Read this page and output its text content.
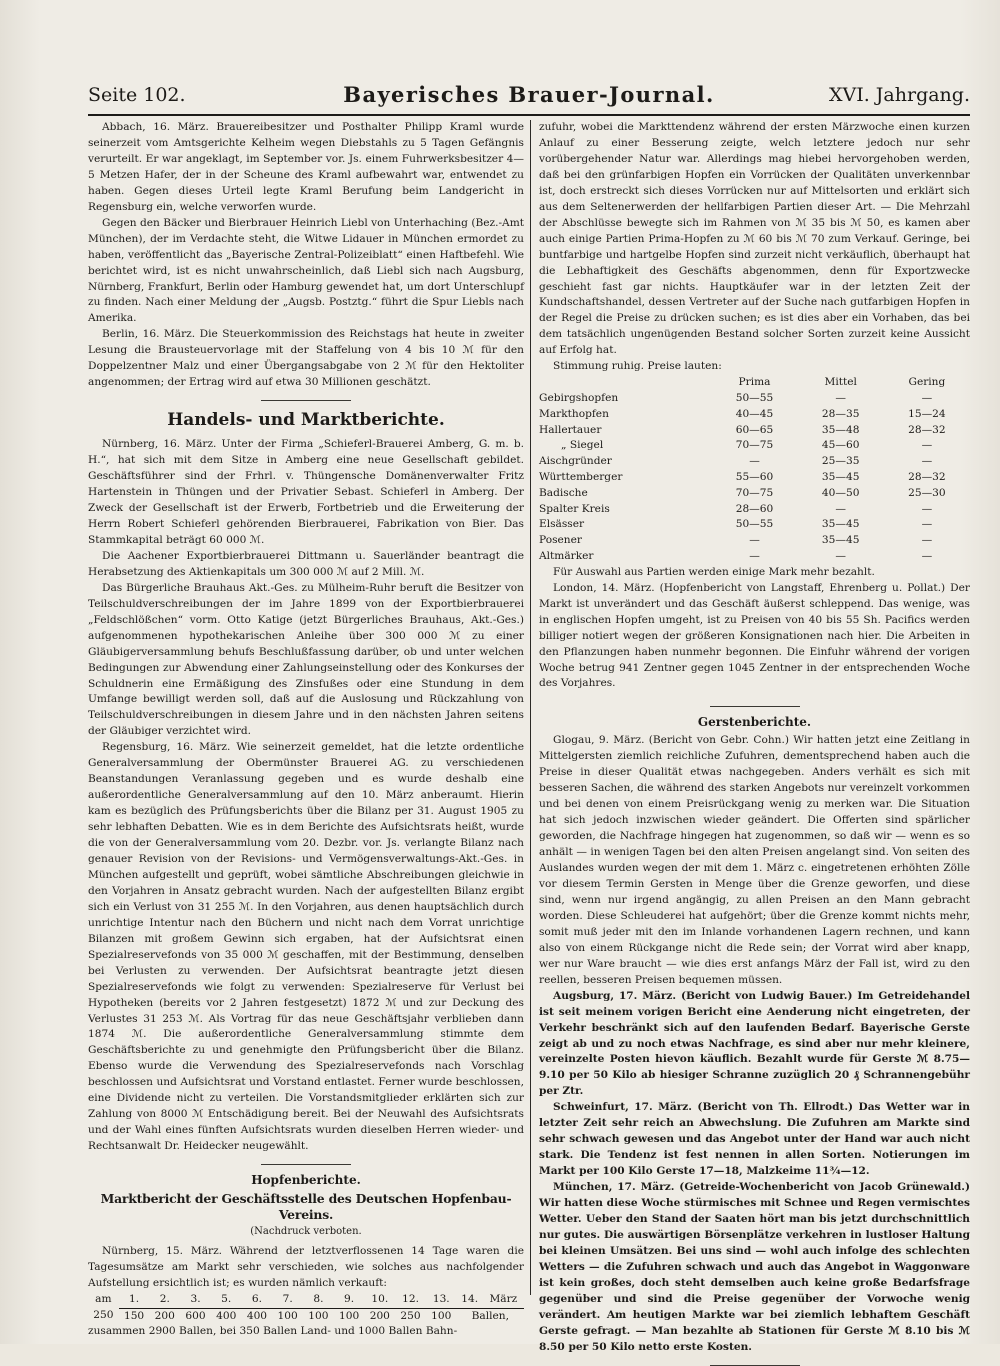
Seite 102.	Bayerisches Brauer-Journal.	XVI. Jahrgang.

Abbach, 16. März. Brauereibesitzer und Posthalter Philipp Kraml wurde seinerzeit vom Amtsgerichte Kelheim wegen Diebstahls zu 5 Tagen Gefängnis verurteilt. Er war angeklagt, im September vor. Js. einem Fuhrwerksbesitzer 4—5 Metzen Hafer, der in der Scheune des Kraml aufbewahrt war, entwendet zu haben. Gegen dieses Urteil legte Kraml Berufung beim Landgericht in Regensburg ein, welche verworfen wurde.

Gegen den Bäcker und Bierbrauer Heinrich Liebl von Unterhaching (Bez.-Amt München), der im Verdachte steht, die Witwe Lidauer in München ermordet zu haben, veröffentlicht das „Bayerische Zentral-Polizeiblatt“ einen Haftbefehl. Wie berichtet wird, ist es nicht unwahrscheinlich, daß Liebl sich nach Augsburg, Nürnberg, Frankfurt, Berlin oder Hamburg gewendet hat, um dort Unterschlupf zu finden. Nach einer Meldung der „Augsb. Postztg.“ führt die Spur Liebls nach Amerika.

Berlin, 16. März. Die Steuerkommission des Reichstags hat heute in zweiter Lesung die Brausteuervorlage mit der Staffelung von 4 bis 10 ℳ für den Doppelzentner Malz und einer Übergangsabgabe von 2 ℳ für den Hektoliter angenommen; der Ertrag wird auf etwa 30 Millionen geschätzt.

Handels- und Marktberichte.

Nürnberg, 16. März. Unter der Firma „Schieferl-Brauerei Amberg, G. m. b. H.“, hat sich mit dem Sitze in Amberg eine neue Gesellschaft gebildet. Geschäftsführer sind der Frhrl. v. Thüngensche Domänenverwalter Fritz Hartenstein in Thüngen und der Privatier Sebast. Schieferl in Amberg. Der Zweck der Gesellschaft ist der Erwerb, Fortbetrieb und die Erweiterung der Herrn Robert Schieferl gehörenden Bierbrauerei, Fabrikation von Bier. Das Stammkapital beträgt 60 000 ℳ.

Die Aachener Exportbierbrauerei Dittmann u. Sauerländer beantragt die Herabsetzung des Aktienkapitals um 300 000 ℳ auf 2 Mill. ℳ.

Das Bürgerliche Brauhaus Akt.-Ges. zu Mülheim-Ruhr beruft die Besitzer von Teilschuldverschreibungen der im Jahre 1899 von der Exportbierbrauerei „Feldschlößchen“ vorm. Otto Katige (jetzt Bürgerliches Brauhaus, Akt.-Ges.) aufgenommenen hypothekarischen Anleihe über 300 000 ℳ zu einer Gläubigerversammlung behufs Beschlußfassung darüber, ob und unter welchen Bedingungen zur Abwendung einer Zahlungseinstellung oder des Konkurses der Schuldnerin eine Ermäßigung des Zinsfußes oder eine Stundung in dem Umfange bewilligt werden soll, daß auf die Auslosung und Rückzahlung von Teilschuldverschreibungen in diesem Jahre und in den nächsten Jahren seitens der Gläubiger verzichtet wird.

Regensburg, 16. März. Wie seinerzeit gemeldet, hat die letzte ordentliche Generalversammlung der Obermünster Brauerei AG. zu verschiedenen Beanstandungen Veranlassung gegeben und es wurde deshalb eine außerordentliche Generalversammlung auf den 10. März anberaumt. Hierin kam es bezüglich des Prüfungsberichts über die Bilanz per 31. August 1905 zu sehr lebhaften Debatten. Wie es in dem Berichte des Aufsichtsrats heißt, wurde die von der Generalversammlung vom 20. Dezbr. vor. Js. verlangte Bilanz nach genauer Revision von der Revisions- und Vermögensverwaltungs-Akt.-Ges. in München aufgestellt und geprüft, wobei sämtliche Abschreibungen gleichwie in den Vorjahren in Ansatz gebracht wurden. Nach der aufgestellten Bilanz ergibt sich ein Verlust von 31 255 ℳ. In den Vorjahren, aus denen hauptsächlich durch unrichtige Intentur nach den Büchern und nicht nach dem Vorrat unrichtige Bilanzen mit großem Gewinn sich ergaben, hat der Aufsichtsrat einen Spezialreservefonds von 35 000 ℳ geschaffen, mit der Bestimmung, denselben bei Verlusten zu verwenden. Der Aufsichtsrat beantragte jetzt diesen Spezialreservefonds wie folgt zu verwenden: Spezialreserve für Verlust bei Hypotheken (bereits vor 2 Jahren festgesetzt) 1872 ℳ und zur Deckung des Verlustes 31 253 ℳ. Als Vortrag für das neue Geschäftsjahr verblieben dann 1874 ℳ. Die außerordentliche Generalversammlung stimmte dem Geschäftsberichte zu und genehmigte den Prüfungsbericht über die Bilanz. Ebenso wurde die Verwendung des Spezialreservefonds nach Vorschlag beschlossen und Aufsichtsrat und Vorstand entlastet. Ferner wurde beschlossen, eine Dividende nicht zu verteilen. Die Vorstandsmitglieder erklärten sich zur Zahlung von 8000 ℳ Entschädigung bereit. Bei der Neuwahl des Aufsichtsrats und der Wahl eines fünften Aufsichtsrats wurden dieselben Herren wieder- und Rechtsanwalt Dr. Heidecker neugewählt.

Hopfenberichte.
Marktbericht der Geschäftsstelle des Deutschen Hopfenbau-Vereins.
(Nachdruck verboten.

Nürnberg, 15. März. Während der letztverflossenen 14 Tage waren die Tagesumsätze am Markt sehr verschieden, wie solches aus nachfolgender Aufstellung ersichtlich ist; es wurden nämlich verkauft:

am	1.	2.	3.	5.	6.	7.	8.	9.	10.	12.	13.	14.	März
250	150	200	600	400	400	100	100	100	200	250	100	Ballen,	

zusammen 2900 Ballen, bei 350 Ballen Land- und 1000 Ballen Bahn-

zufuhr, wobei die Markttendenz während der ersten Märzwoche einen kurzen Anlauf zu einer Besserung zeigte, welch letztere jedoch nur sehr vorübergehender Natur war. Allerdings mag hiebei hervorgehoben werden, daß bei den grünfarbigen Hopfen ein Vorrücken der Qualitäten unverkennbar ist, doch erstreckt sich dieses Vorrücken nur auf Mittelsorten und erklärt sich aus dem Seltenerwerden der hellfarbigen Partien dieser Art. — Die Mehrzahl der Abschlüsse bewegte sich im Rahmen von ℳ 35 bis ℳ 50, es kamen aber auch einige Partien Prima-Hopfen zu ℳ 60 bis ℳ 70 zum Verkauf. Geringe, bei buntfarbige und hartgelbe Hopfen sind zurzeit nicht verkäuflich, überhaupt hat die Lebhaftigkeit des Geschäfts abgenommen, denn für Exportzwecke geschieht fast gar nichts. Hauptkäufer war in der letzten Zeit der Kundschaftshandel, dessen Vertreter auf der Suche nach gutfarbigen Hopfen in der Regel die Preise zu drücken suchen; es ist dies aber ein Vorhaben, das bei dem tatsächlich ungenügenden Bestand solcher Sorten zurzeit keine Aussicht auf Erfolg hat.

Stimmung ruhig. Preise lauten:

	Prima	Mittel	Gering
Gebirgshopfen	50—55	—	—
Markthopfen	40—45	28—35	15—24
Hallertauer	60—65	35—48	28—32
„ Siegel	70—75	45—60	—
Aischgründer	—	25—35	—
Württemberger	55—60	35—45	28—32
Badische	70—75	40—50	25—30
Spalter Kreis	28—60	—	—
Elsässer	50—55	35—45	—
Posener	—	35—45	—
Altmärker	—	—	—

Für Auswahl aus Partien werden einige Mark mehr bezahlt.

London, 14. März. (Hopfenbericht von Langstaff, Ehrenberg u. Pollat.) Der Markt ist unverändert und das Geschäft äußerst schleppend. Das wenige, was in englischen Hopfen umgeht, ist zu Preisen von 40 bis 55 Sh. Pacifics werden billiger notiert wegen der größeren Konsignationen nach hier. Die Arbeiten in den Pflanzungen haben nunmehr begonnen. Die Einfuhr während der vorigen Woche betrug 941 Zentner gegen 1045 Zentner in der entsprechenden Woche des Vorjahres.

Gerstenberichte.

Glogau, 9. März. (Bericht von Gebr. Cohn.) Wir hatten jetzt eine Zeitlang in Mittelgersten ziemlich reichliche Zufuhren, dementsprechend haben auch die Preise in dieser Qualität etwas nachgegeben. Anders verhält es sich mit besseren Sachen, die während des starken Angebots nur vereinzelt vorkommen und bei denen von einem Preisrückgang wenig zu merken war. Die Situation hat sich jedoch inzwischen wieder geändert. Die Offerten sind spärlicher geworden, die Nachfrage hingegen hat zugenommen, so daß wir — wenn es so anhält — in wenigen Tagen bei den alten Preisen angelangt sind. Von seiten des Auslandes wurden wegen der mit dem 1. März c. eingetretenen erhöhten Zölle vor diesem Termin Gersten in Menge über die Grenze geworfen, und diese sind, wenn nur irgend angängig, zu allen Preisen an den Mann gebracht worden. Diese Schleuderei hat aufgehört; über die Grenze kommt nichts mehr, somit muß jeder mit den im Inlande vorhandenen Lagern rechnen, und kann also von einem Rückgange nicht die Rede sein; der Vorrat wird aber knapp, wer nur Ware braucht — wie dies erst anfangs März der Fall ist, wird zu den reellen, besseren Preisen bequemen müssen.

Augsburg, 17. März. (Bericht von Ludwig Bauer.) Im Getreidehandel ist seit meinem vorigen Bericht eine Aenderung nicht eingetreten, der Verkehr beschränkt sich auf den laufenden Bedarf. Bayerische Gerste zeigt ab und zu noch etwas Nachfrage, es sind aber nur mehr kleinere, vereinzelte Posten hievon käuflich. Bezahlt wurde für Gerste ℳ 8.75—9.10 per 50 Kilo ab hiesiger Schranne zuzüglich 20 ₰ Schrannengebühr per Ztr.

Schweinfurt, 17. März. (Bericht von Th. Ellrodt.) Das Wetter war in letzter Zeit sehr reich an Abwechslung. Die Zufuhren am Markte sind sehr schwach gewesen und das Angebot unter der Hand war auch nicht stark. Die Tendenz ist fest nennen in allen Sorten. Notierungen im Markt per 100 Kilo Gerste 17—18, Malzkeime 11¾—12.

München, 17. März. (Getreide-Wochenbericht von Jacob Grünewald.) Wir hatten diese Woche stürmisches mit Schnee und Regen vermischtes Wetter. Ueber den Stand der Saaten hört man bis jetzt durchschnittlich nur gutes. Die auswärtigen Börsenplätze verkehren in lustloser Haltung bei kleinen Umsätzen. Bei uns sind — wohl auch infolge des schlechten Wetters — die Zufuhren schwach und auch das Angebot in Waggonware ist kein großes, doch steht demselben auch keine große Bedarfsfrage gegenüber und sind die Preise gegenüber der Vorwoche wenig verändert. Am heutigen Markte war bei ziemlich lebhaftem Geschäft Gerste gefragt. — Man bezahlte ab Stationen für Gerste ℳ 8.10 bis ℳ 8.50 per 50 Kilo netto erste Kosten.
